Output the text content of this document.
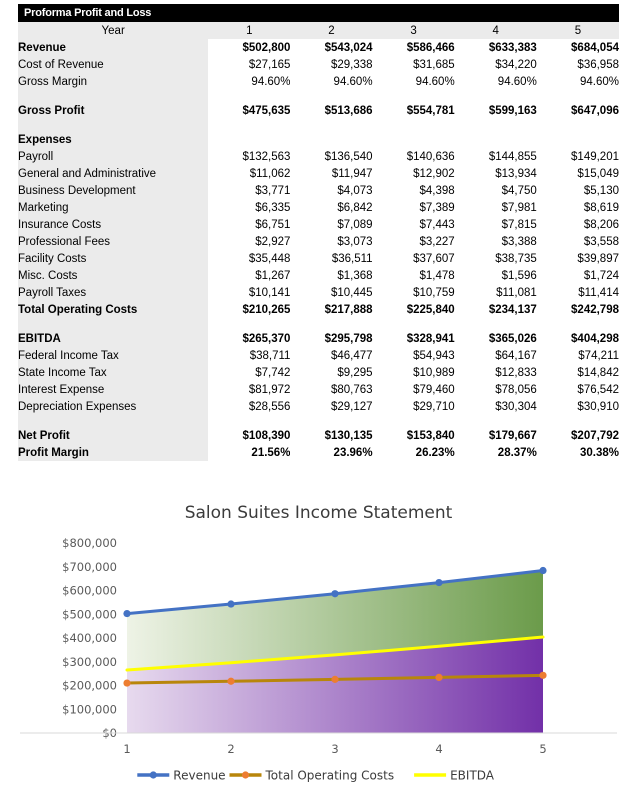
Proforma Profit and Loss
Year	1	2	3	4	5
Revenue	$502,800	$543,024	$586,466	$633,383	$684,054
Cost of Revenue	$27,165	$29,338	$31,685	$34,220	$36,958
Gross Margin	94.60%	94.60%	94.60%	94.60%	94.60%

Gross Profit	$475,635	$513,686	$554,781	$599,163	$647,096

Expenses					
Payroll	$132,563	$136,540	$140,636	$144,855	$149,201
General and Administrative	$11,062	$11,947	$12,902	$13,934	$15,049
Business Development	$3,771	$4,073	$4,398	$4,750	$5,130
Marketing	$6,335	$6,842	$7,389	$7,981	$8,619
Insurance Costs	$6,751	$7,089	$7,443	$7,815	$8,206
Professional Fees	$2,927	$3,073	$3,227	$3,388	$3,558
Facility Costs	$35,448	$36,511	$37,607	$38,735	$39,897
Misc. Costs	$1,267	$1,368	$1,478	$1,596	$1,724
Payroll Taxes	$10,141	$10,445	$10,759	$11,081	$11,414
Total Operating Costs	$210,265	$217,888	$225,840	$234,137	$242,798

EBITDA	$265,370	$295,798	$328,941	$365,026	$404,298
Federal Income Tax	$38,711	$46,477	$54,943	$64,167	$74,211
State Income Tax	$7,742	$9,295	$10,989	$12,833	$14,842
Interest Expense	$81,972	$80,763	$79,460	$78,056	$76,542
Depreciation Expenses	$28,556	$29,127	$29,710	$30,304	$30,910

Net Profit	$108,390	$130,135	$153,840	$179,667	$207,792
Profit Margin	21.56%	23.96%	26.23%	28.37%	30.38%
Salon Suites Income Statement
$0
$100,000
$200,000
$300,000
$400,000
$500,000
$600,000
$700,000
$800,000
1	2	3	4	5
Revenue	Total Operating Costs	EBITDA
